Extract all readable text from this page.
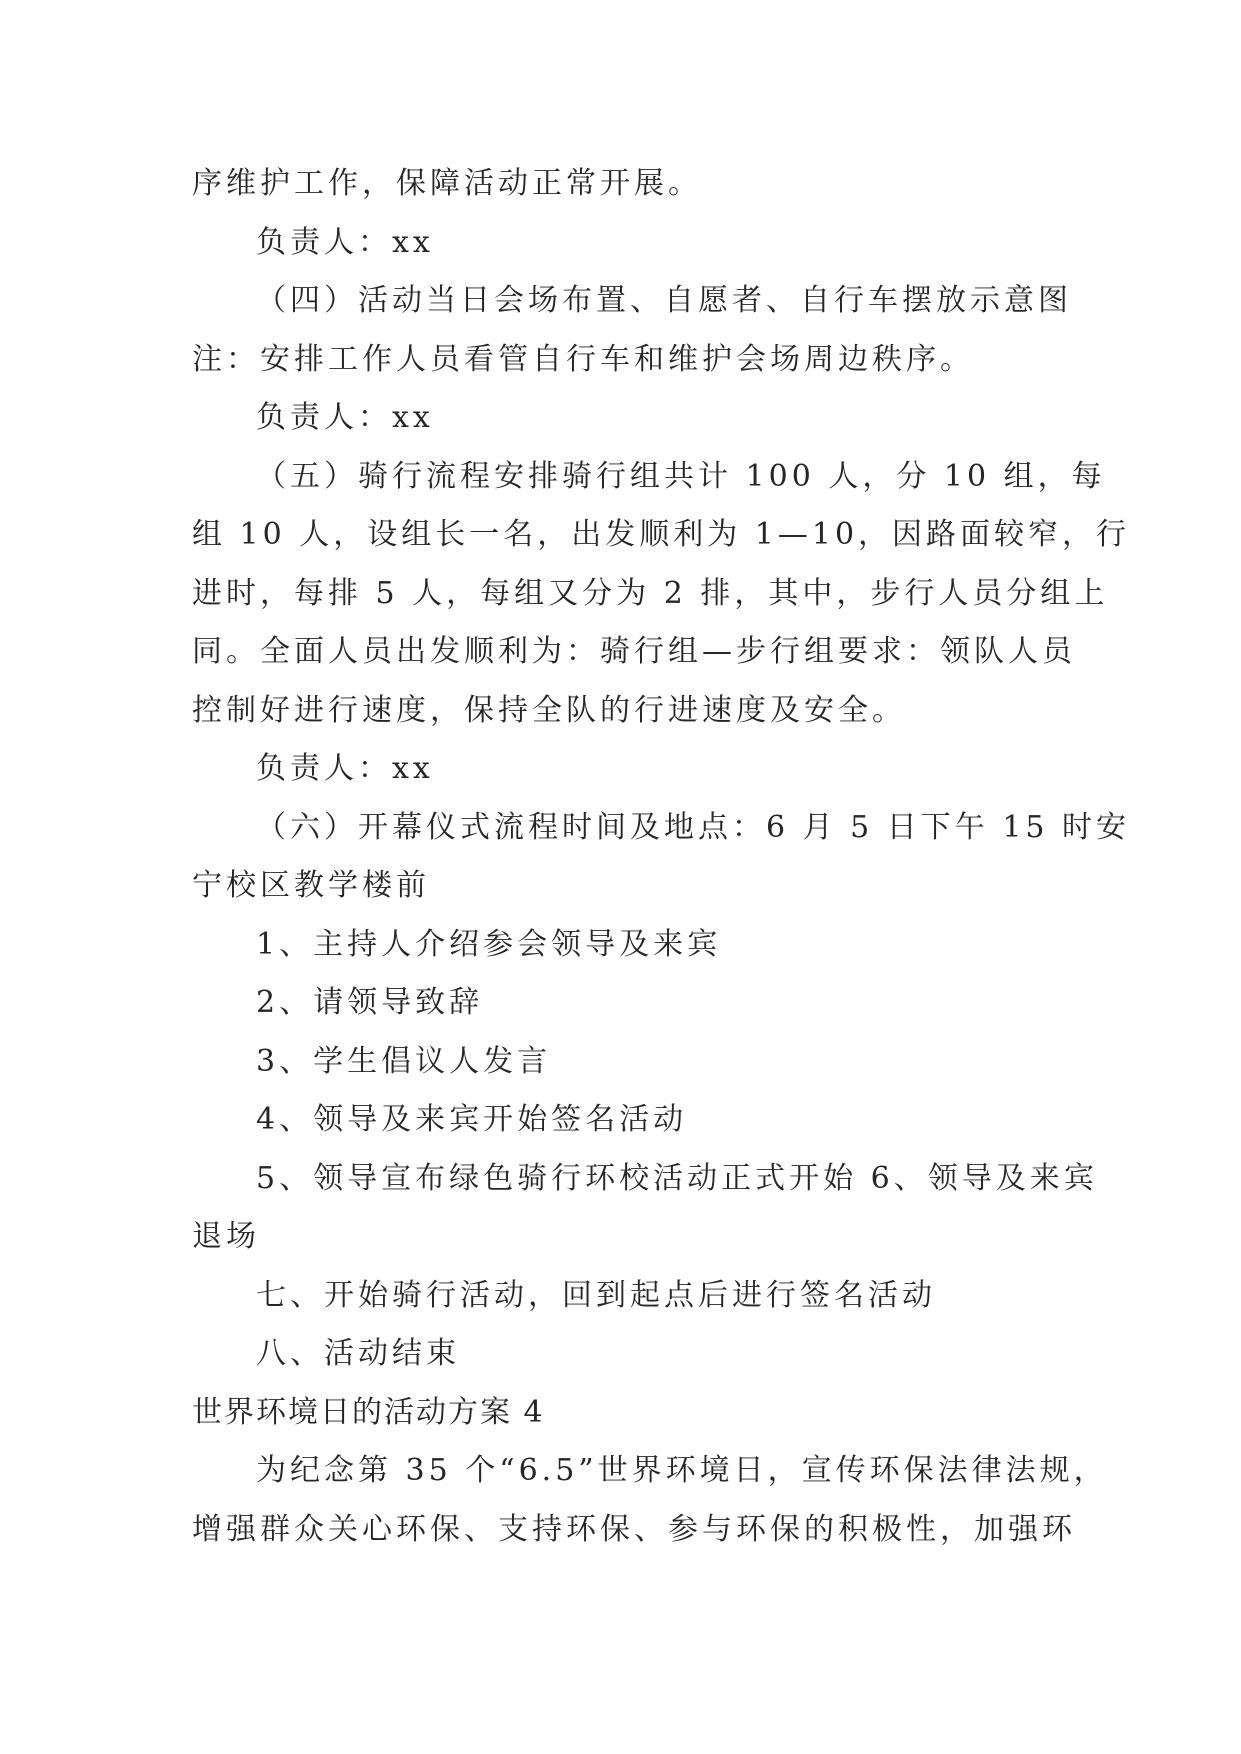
序维护工作，保障活动正常开展。
负责人：xx
（四）活动当日会场布置、自愿者、自行车摆放示意图
注：安排工作人员看管自行车和维护会场周边秩序。
负责人：xx
（五）骑行流程安排骑行组共计 100 人，分 10 组，每
组 10 人，设组长一名，出发顺利为 1—10，因路面较窄，行
进时，每排 5 人，每组又分为 2 排，其中，步行人员分组上
同。全面人员出发顺利为：骑行组—步行组要求：领队人员
控制好进行速度，保持全队的行进速度及安全。
负责人：xx
（六）开幕仪式流程时间及地点：6 月 5 日下午 15 时安
宁校区教学楼前
1、主持人介绍参会领导及来宾
2、请领导致辞
3、学生倡议人发言
4、领导及来宾开始签名活动
5、领导宣布绿色骑行环校活动正式开始 6、领导及来宾
退场
七、开始骑行活动，回到起点后进行签名活动
八、活动结束
世界环境日的活动方案 4
为纪念第 35 个“6.5”世界环境日，宣传环保法律法规，
增强群众关心环保、支持环保、参与环保的积极性，加强环
